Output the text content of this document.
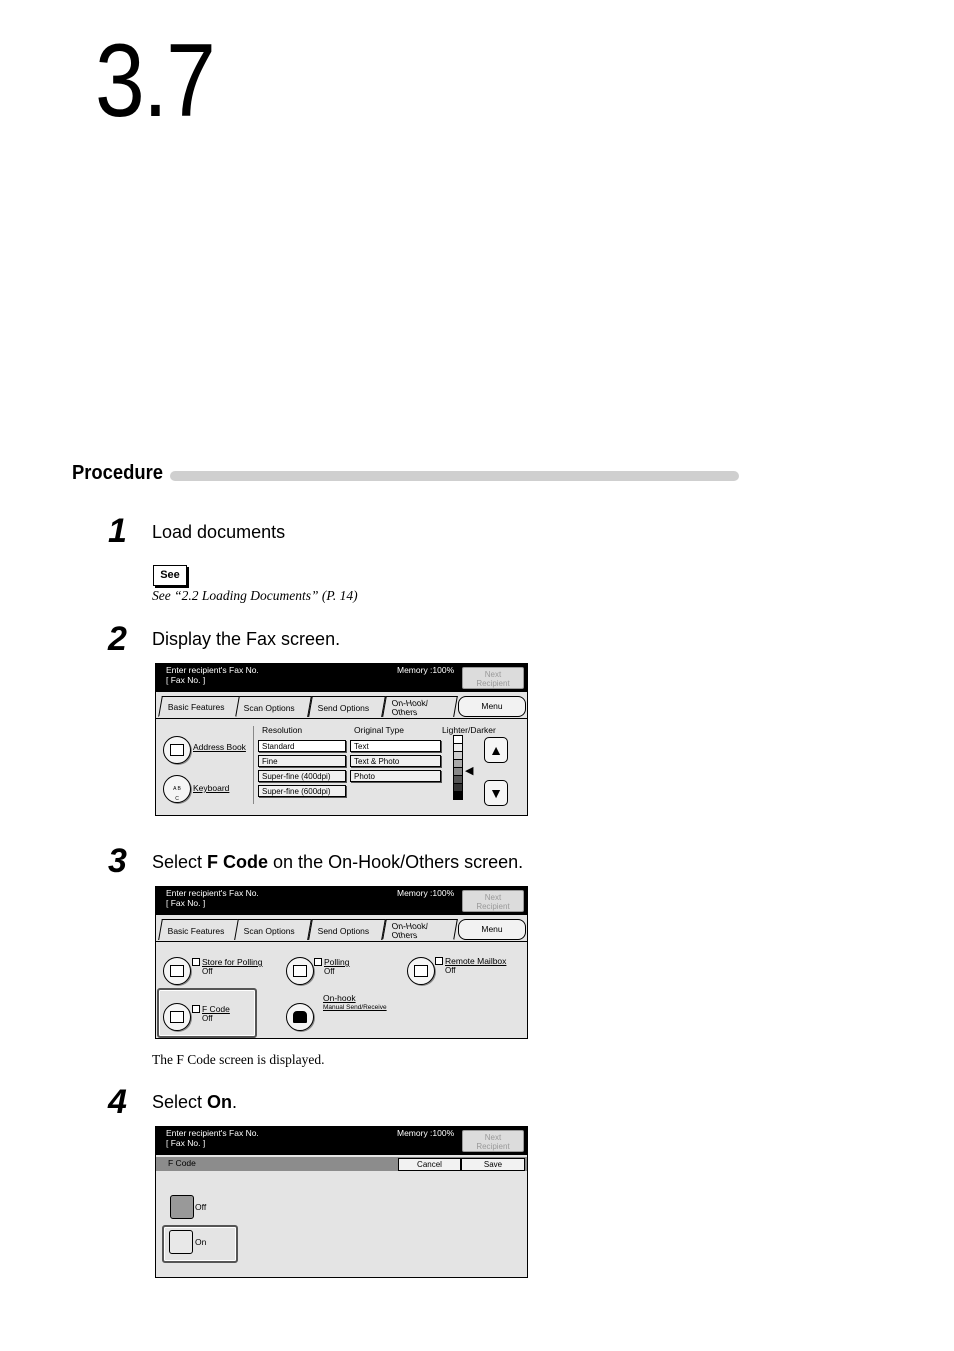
3.7
Procedure
1 Load documents
See
See “2.2 Loading Documents” (P. 14)
2 Display the Fax screen.
Enter recipient's Fax No.
[ Fax No. ]
Memory :100%	Next
Recipient
Basic Features Scan Options	Send Options	On-Hook/
Others
Menu
Address Book
A B C
Keyboard
Resolution
Standard
Fine
Super-fine (400dpi)
Super-fine (600dpi)
Original Type
Text
Text & Photo
Photo
Lighter/Darker
◀
▲
▼
3 Select F Code on the On-Hook/Others screen.
Enter recipient's Fax No.
[ Fax No. ]
Memory :100%	Next
Recipient
Basic Features Scan Options	Send Options	On-Hook/
Others
Menu
Store for Polling
Off
Polling
Off
Remote Mailbox
Off
F Code
Off
On-hook
Manual Send/Receive
The F Code screen is displayed.
4 Select On.
Enter recipient's Fax No.
[ Fax No. ]
Memory :100%	Next
Recipient
F Code	Cancel	Save
Off
On
